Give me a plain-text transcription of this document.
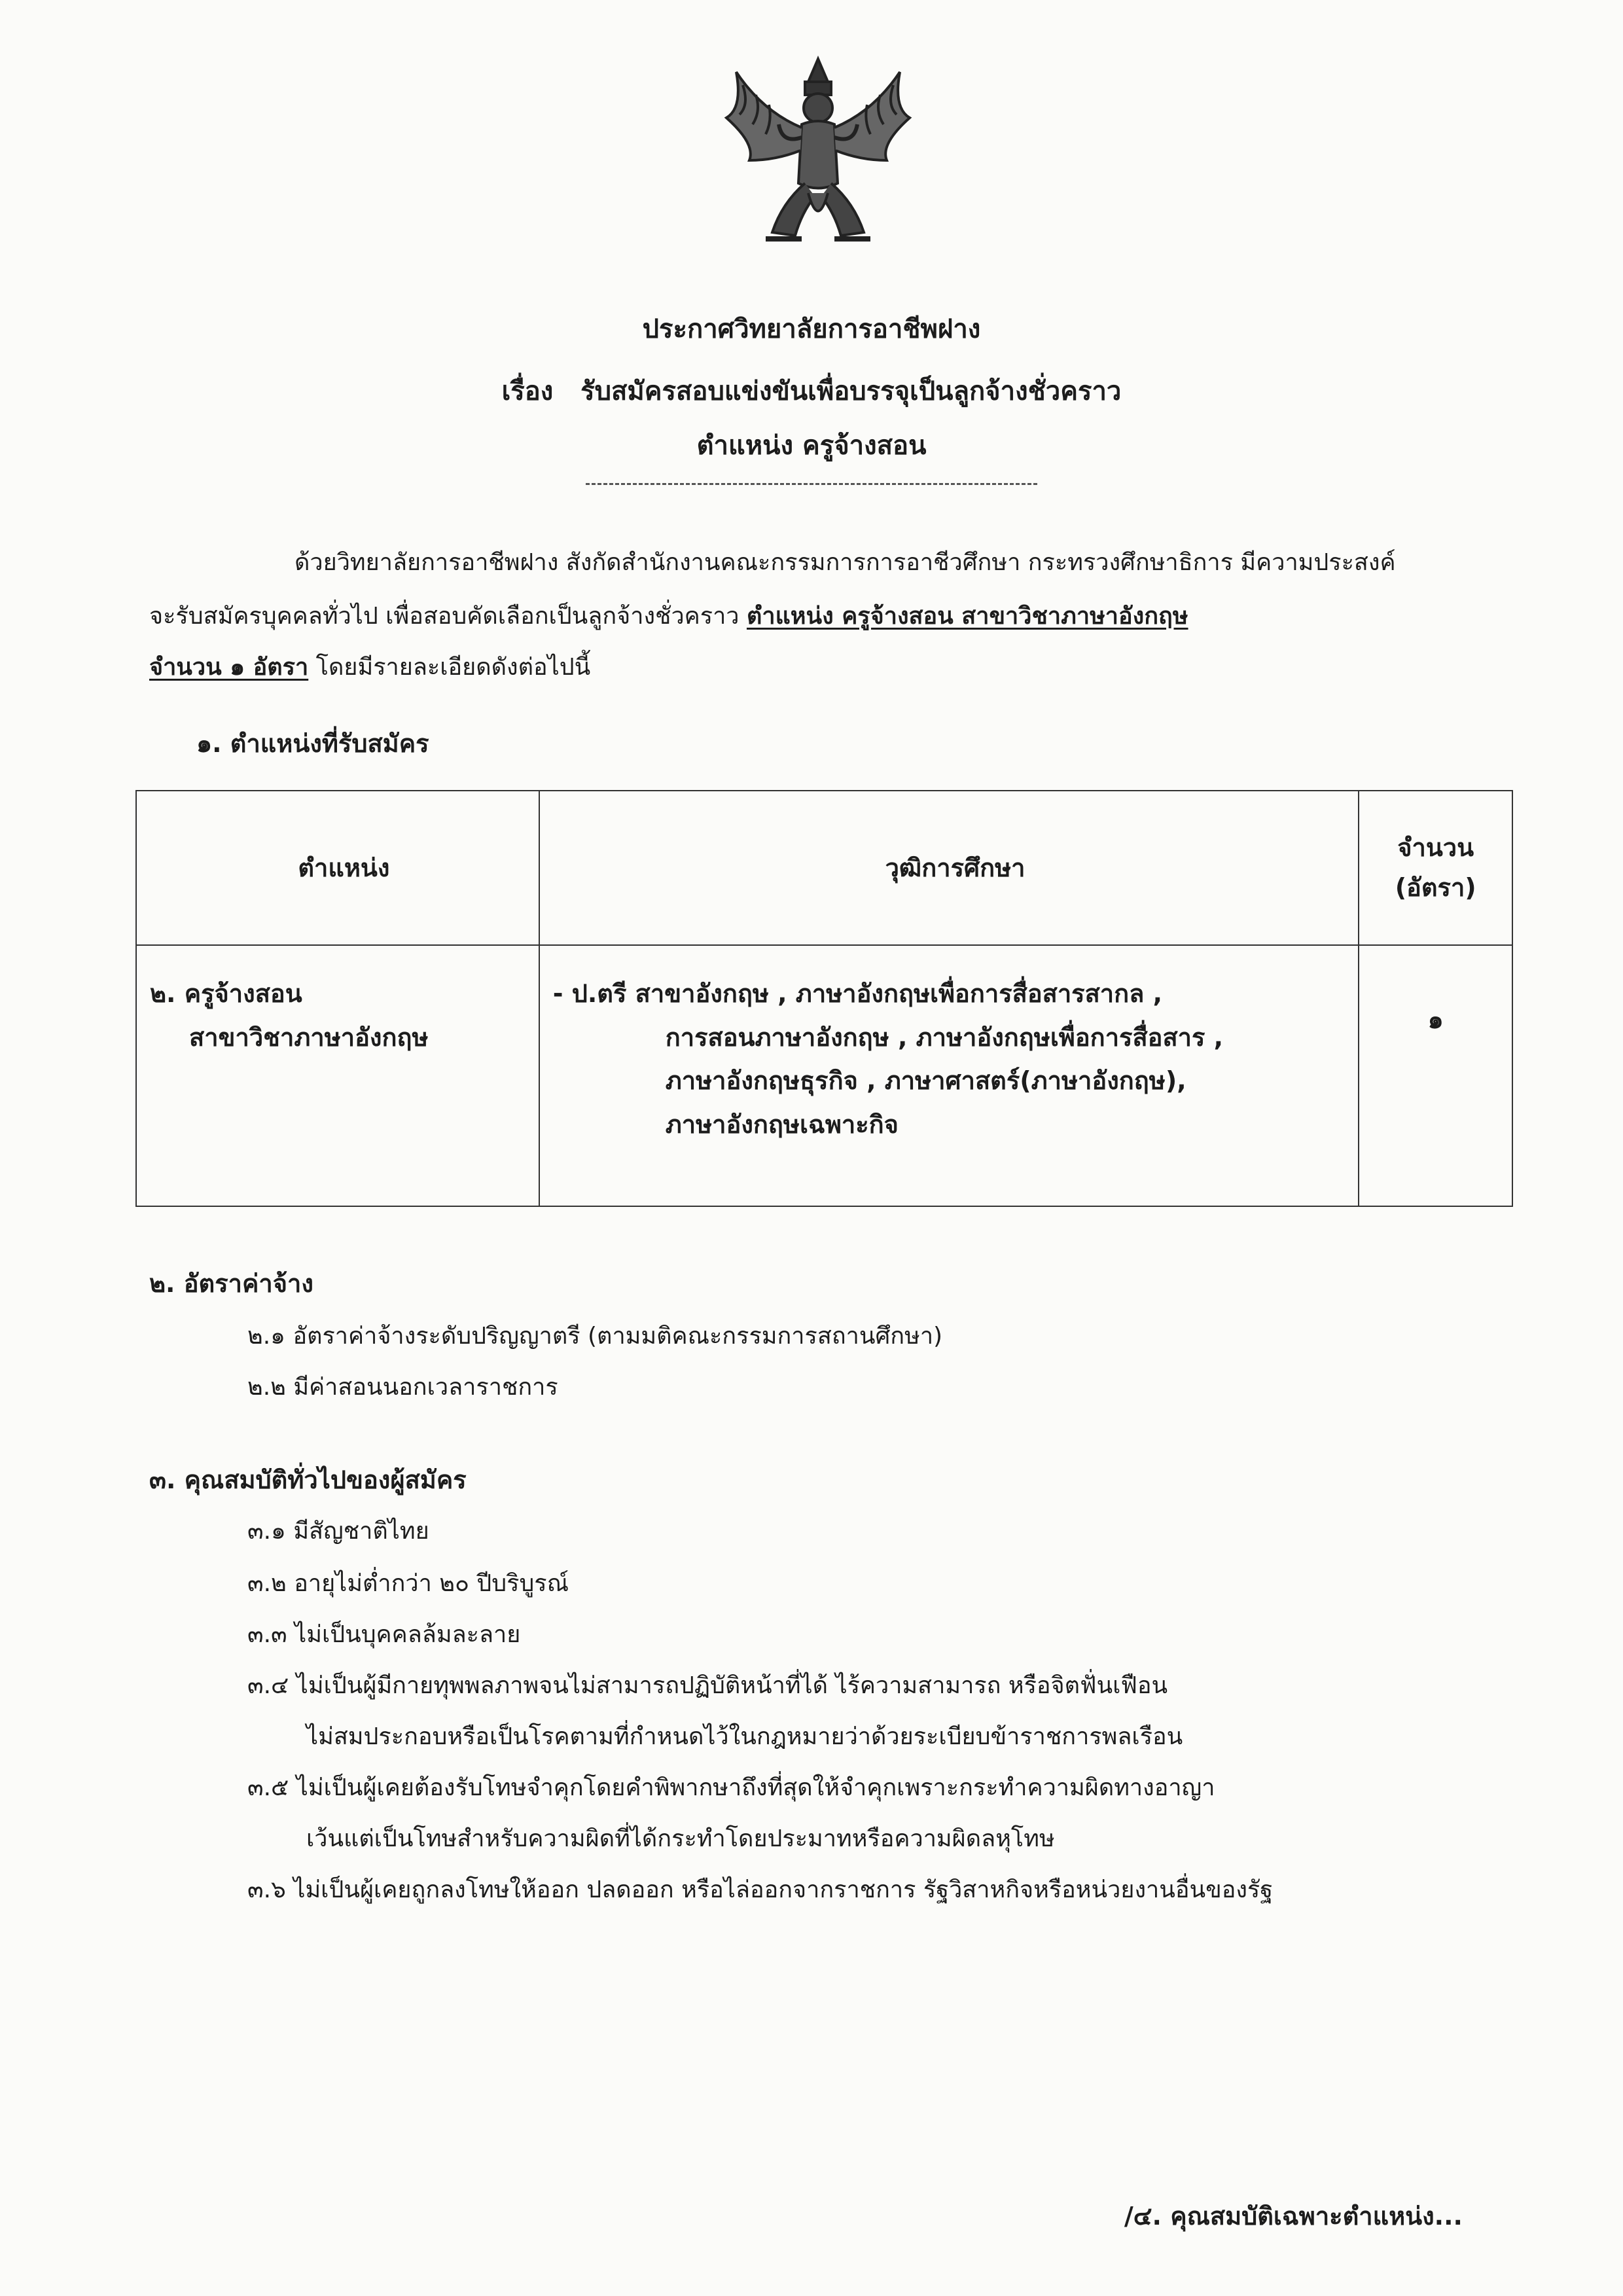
ประกาศวิทยาลัยการอาชีพฝาง
เรื่อง รับสมัครสอบแข่งขันเพื่อบรรจุเป็นลูกจ้างชั่วคราว
ตำแหน่ง ครูจ้างสอน
ด้วยวิทยาลัยการอาชีพฝาง สังกัดสำนักงานคณะกรรมการการอาชีวศึกษา กระทรวงศึกษาธิการ มีความประสงค์
จะรับสมัครบุคคลทั่วไป เพื่อสอบคัดเลือกเป็นลูกจ้างชั่วคราว ตำแหน่ง ครูจ้างสอน สาขาวิชาภาษาอังกฤษ
จำนวน ๑ อัตรา โดยมีรายละเอียดดังต่อไปนี้
๑. ตำแหน่งที่รับสมัคร
ตำแหน่ง	วุฒิการศึกษา	จำนวน
(อัตรา)

๒. ครูจ้างสอน
สาขาวิชาภาษาอังกฤษ	- ป.ตรี สาขาอังกฤษ , ภาษาอังกฤษเพื่อการสื่อสารสากล ,
การสอนภาษาอังกฤษ , ภาษาอังกฤษเพื่อการสื่อสาร ,
ภาษาอังกฤษธุรกิจ , ภาษาศาสตร์(ภาษาอังกฤษ),
ภาษาอังกฤษเฉพาะกิจ	๑
๒. อัตราค่าจ้าง
๒.๑ อัตราค่าจ้างระดับปริญญาตรี (ตามมติคณะกรรมการสถานศึกษา)
๒.๒ มีค่าสอนนอกเวลาราชการ
๓. คุณสมบัติทั่วไปของผู้สมัคร
๓.๑ มีสัญชาติไทย
๓.๒ อายุไม่ต่ำกว่า ๒๐ ปีบริบูรณ์
๓.๓ ไม่เป็นบุคคลล้มละลาย
๓.๔ ไม่เป็นผู้มีกายทุพพลภาพจนไม่สามารถปฏิบัติหน้าที่ได้ ไร้ความสามารถ หรือจิตฟั่นเฟือน
ไม่สมประกอบหรือเป็นโรคตามที่กำหนดไว้ในกฎหมายว่าด้วยระเบียบข้าราชการพลเรือน
๓.๕ ไม่เป็นผู้เคยต้องรับโทษจำคุกโดยคำพิพากษาถึงที่สุดให้จำคุกเพราะกระทำความผิดทางอาญา
เว้นแต่เป็นโทษสำหรับความผิดที่ได้กระทำโดยประมาทหรือความผิดลหุโทษ
๓.๖ ไม่เป็นผู้เคยถูกลงโทษให้ออก ปลดออก หรือไล่ออกจากราชการ รัฐวิสาหกิจหรือหน่วยงานอื่นของรัฐ
/๔. คุณสมบัติเฉพาะตำแหน่ง...
